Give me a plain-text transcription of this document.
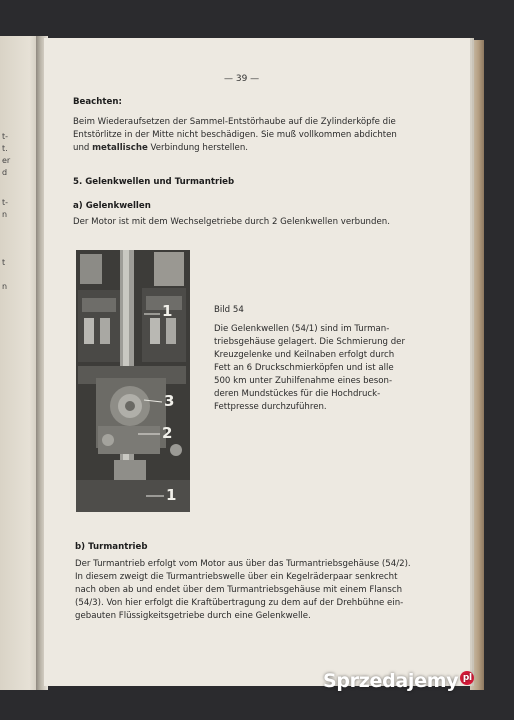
t-
t.
er
d
t-
n
t
n
— 39 —
Beachten:
Beim Wiederaufsetzen der Sammel-Entstörhaube auf die Zylinderköpfe die
Entstörlitze in der Mitte nicht beschädigen. Sie muß vollkommen abdichten
und metallische Verbindung herstellen.
5. Gelenkwellen und Turmantrieb
a) Gelenkwellen
Der Motor ist mit dem Wechselgetriebe durch 2 Gelenkwellen verbunden.
1
3
2
1
Bild 54
Die Gelenkwellen (54/1) sind im Turman-
triebsgehäuse gelagert. Die Schmierung der
Kreuzgelenke und Keilnaben erfolgt durch
Fett an 6 Druckschmierköpfen und ist alle
500 km unter Zuhilfenahme eines beson-
deren Mundstückes für die Hochdruck-
Fettpresse durchzuführen.
b) Turmantrieb
Der Turmantrieb erfolgt vom Motor aus über das Turmantriebsgehäuse (54/2).
In diesem zweigt die Turmantriebswelle über ein Kegelräderpaar senkrecht
nach oben ab und endet über dem Turmantriebsgehäuse mit einem Flansch
(54/3). Von hier erfolgt die Kraftübertragung zu dem auf der Drehbühne ein-
gebauten Flüssigkeitsgetriebe durch eine Gelenkwelle.
Sprzedajemy pl
